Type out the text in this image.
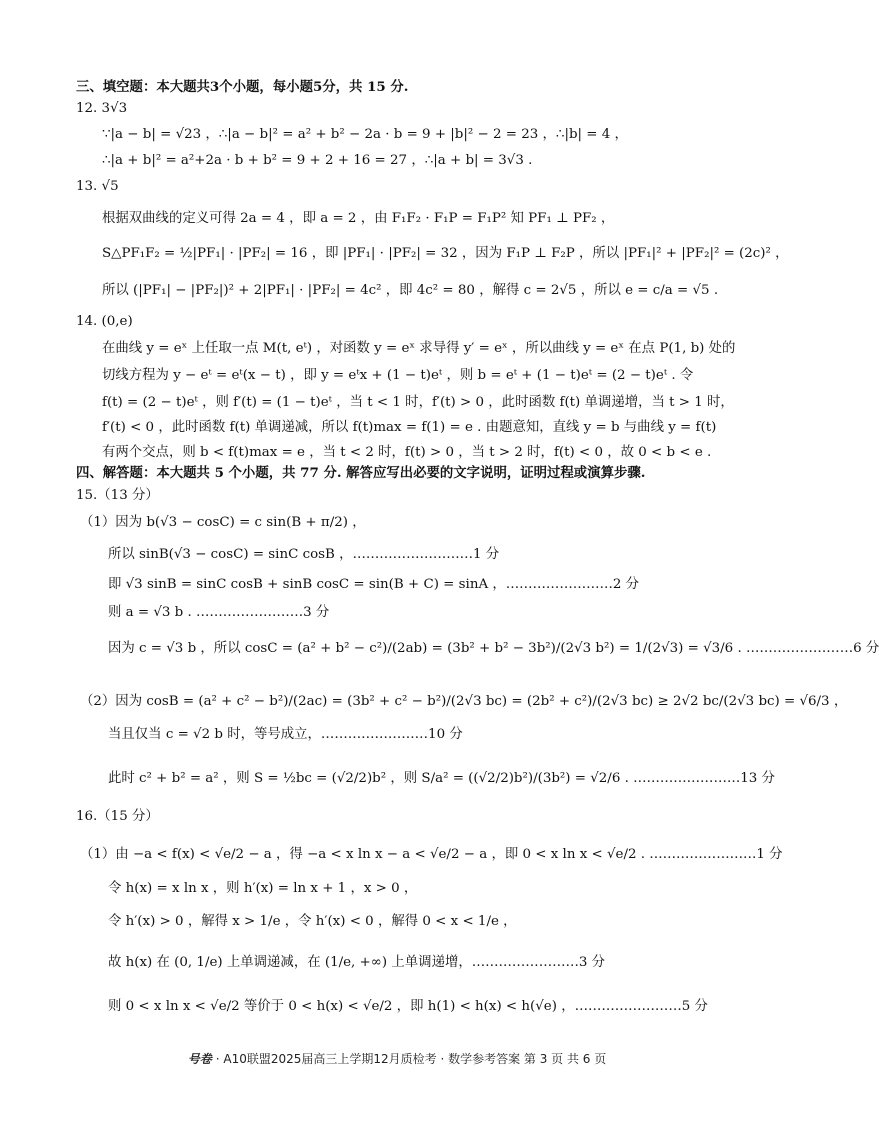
三、填空题：本大题共3个小题，每小题5分，共 15 分.
12. 3√3
∵|a − b| = √23 ，∴|a − b|² = a² + b² − 2a · b = 9 + |b|² − 2 = 23 ，∴|b| = 4 ，
∴|a + b|² = a²+2a · b + b² = 9 + 2 + 16 = 27 ，∴|a + b| = 3√3 .
13. √5
根据双曲线的定义可得 2a = 4 ，即 a = 2 ，由 F₁F₂ · F₁P = F₁P² 知 PF₁ ⊥ PF₂ ，
S△PF₁F₂ = ½|PF₁| · |PF₂| = 16 ，即 |PF₁| · |PF₂| = 32 ，因为 F₁P ⊥ F₂P ，所以 |PF₁|² + |PF₂|² = (2c)² ，
所以 (|PF₁| − |PF₂|)² + 2|PF₁| · |PF₂| = 4c² ，即 4c² = 80 ，解得 c = 2√5 ，所以 e = c/a = √5 .
14. (0,e)
在曲线 y = eˣ 上任取一点 M(t, eᵗ) ，对函数 y = eˣ 求导得 y′ = eˣ ，所以曲线 y = eˣ 在点 P(1, b) 处的
切线方程为 y − eᵗ = eᵗ(x − t) ，即 y = eᵗx + (1 − t)eᵗ ，则 b = eᵗ + (1 − t)eᵗ = (2 − t)eᵗ . 令
f(t) = (2 − t)eᵗ ，则 f′(t) = (1 − t)eᵗ ，当 t < 1 时，f′(t) > 0 ，此时函数 f(t) 单调递增，当 t > 1 时，
f′(t) < 0 ，此时函数 f(t) 单调递减，所以 f(t)max = f(1) = e . 由题意知，直线 y = b 与曲线 y = f(t)
有两个交点，则 b < f(t)max = e ，当 t < 2 时，f(t) > 0 ，当 t > 2 时，f(t) < 0 ，故 0 < b < e .
四、解答题：本大题共 5 个小题，共 77 分. 解答应写出必要的文字说明，证明过程或演算步骤.
15.（13 分）
（1）因为 b(√3 − cosC) = c sin(B + π/2) ，
所以 sinB(√3 − cosC) = sinC cosB ，………………………1 分
即 √3 sinB = sinC cosB + sinB cosC = sin(B + C) = sinA ，……………………2 分
则 a = √3 b . ……………………3 分
因为 c = √3 b ，所以 cosC = (a² + b² − c²)/(2ab) = (3b² + b² − 3b²)/(2√3 b²) = 1/(2√3) = √3/6 . ……………………6 分
（2）因为 cosB = (a² + c² − b²)/(2ac) = (3b² + c² − b²)/(2√3 bc) = (2b² + c²)/(2√3 bc) ≥ 2√2 bc/(2√3 bc) = √6/3 ，
当且仅当 c = √2 b 时，等号成立，……………………10 分
此时 c² + b² = a² ，则 S = ½bc = (√2/2)b² ，则 S/a² = ((√2/2)b²)/(3b²) = √2/6 . ……………………13 分
16.（15 分）
（1）由 −a < f(x) < √e/2 − a ，得 −a < x ln x − a < √e/2 − a ，即 0 < x ln x < √e/2 . ……………………1 分
令 h(x) = x ln x ，则 h′(x) = ln x + 1 ，x > 0 ，
令 h′(x) > 0 ，解得 x > 1/e ，令 h′(x) < 0 ，解得 0 < x < 1/e ，
故 h(x) 在 (0, 1/e) 上单调递减，在 (1/e, +∞) 上单调递增，……………………3 分
则 0 < x ln x < √e/2 等价于 0 < h(x) < √e/2 ，即 h(1) < h(x) < h(√e) ，……………………5 分
号卷 · A10联盟2025届高三上学期12月质检考 · 数学参考答案 第 3 页 共 6 页
